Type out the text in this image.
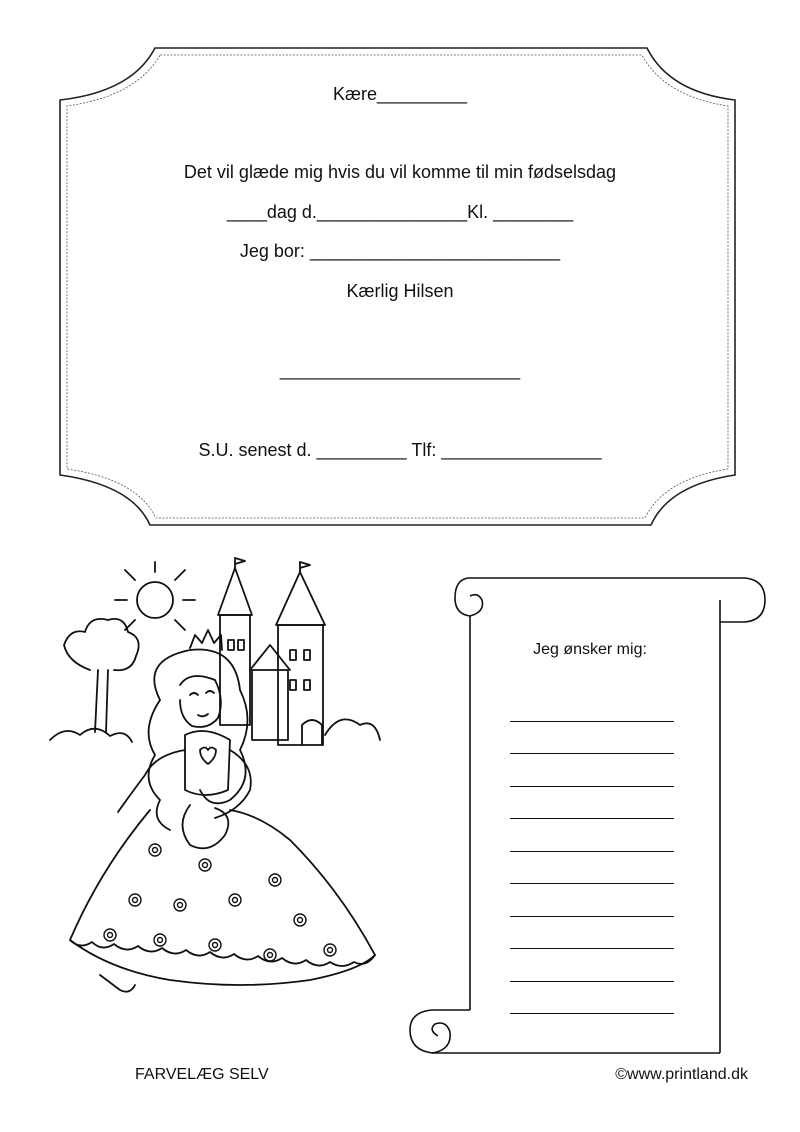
Kære_________
Det vil glæde mig hvis du vil komme til min fødselsdag
____dag d._______________Kl. ________
Jeg bor: _________________________
Kærlig Hilsen
________________________
S.U. senest d. _________ Tlf: ________________
Jeg ønsker mig:
FARVELÆG SELV	©www.printland.dk
